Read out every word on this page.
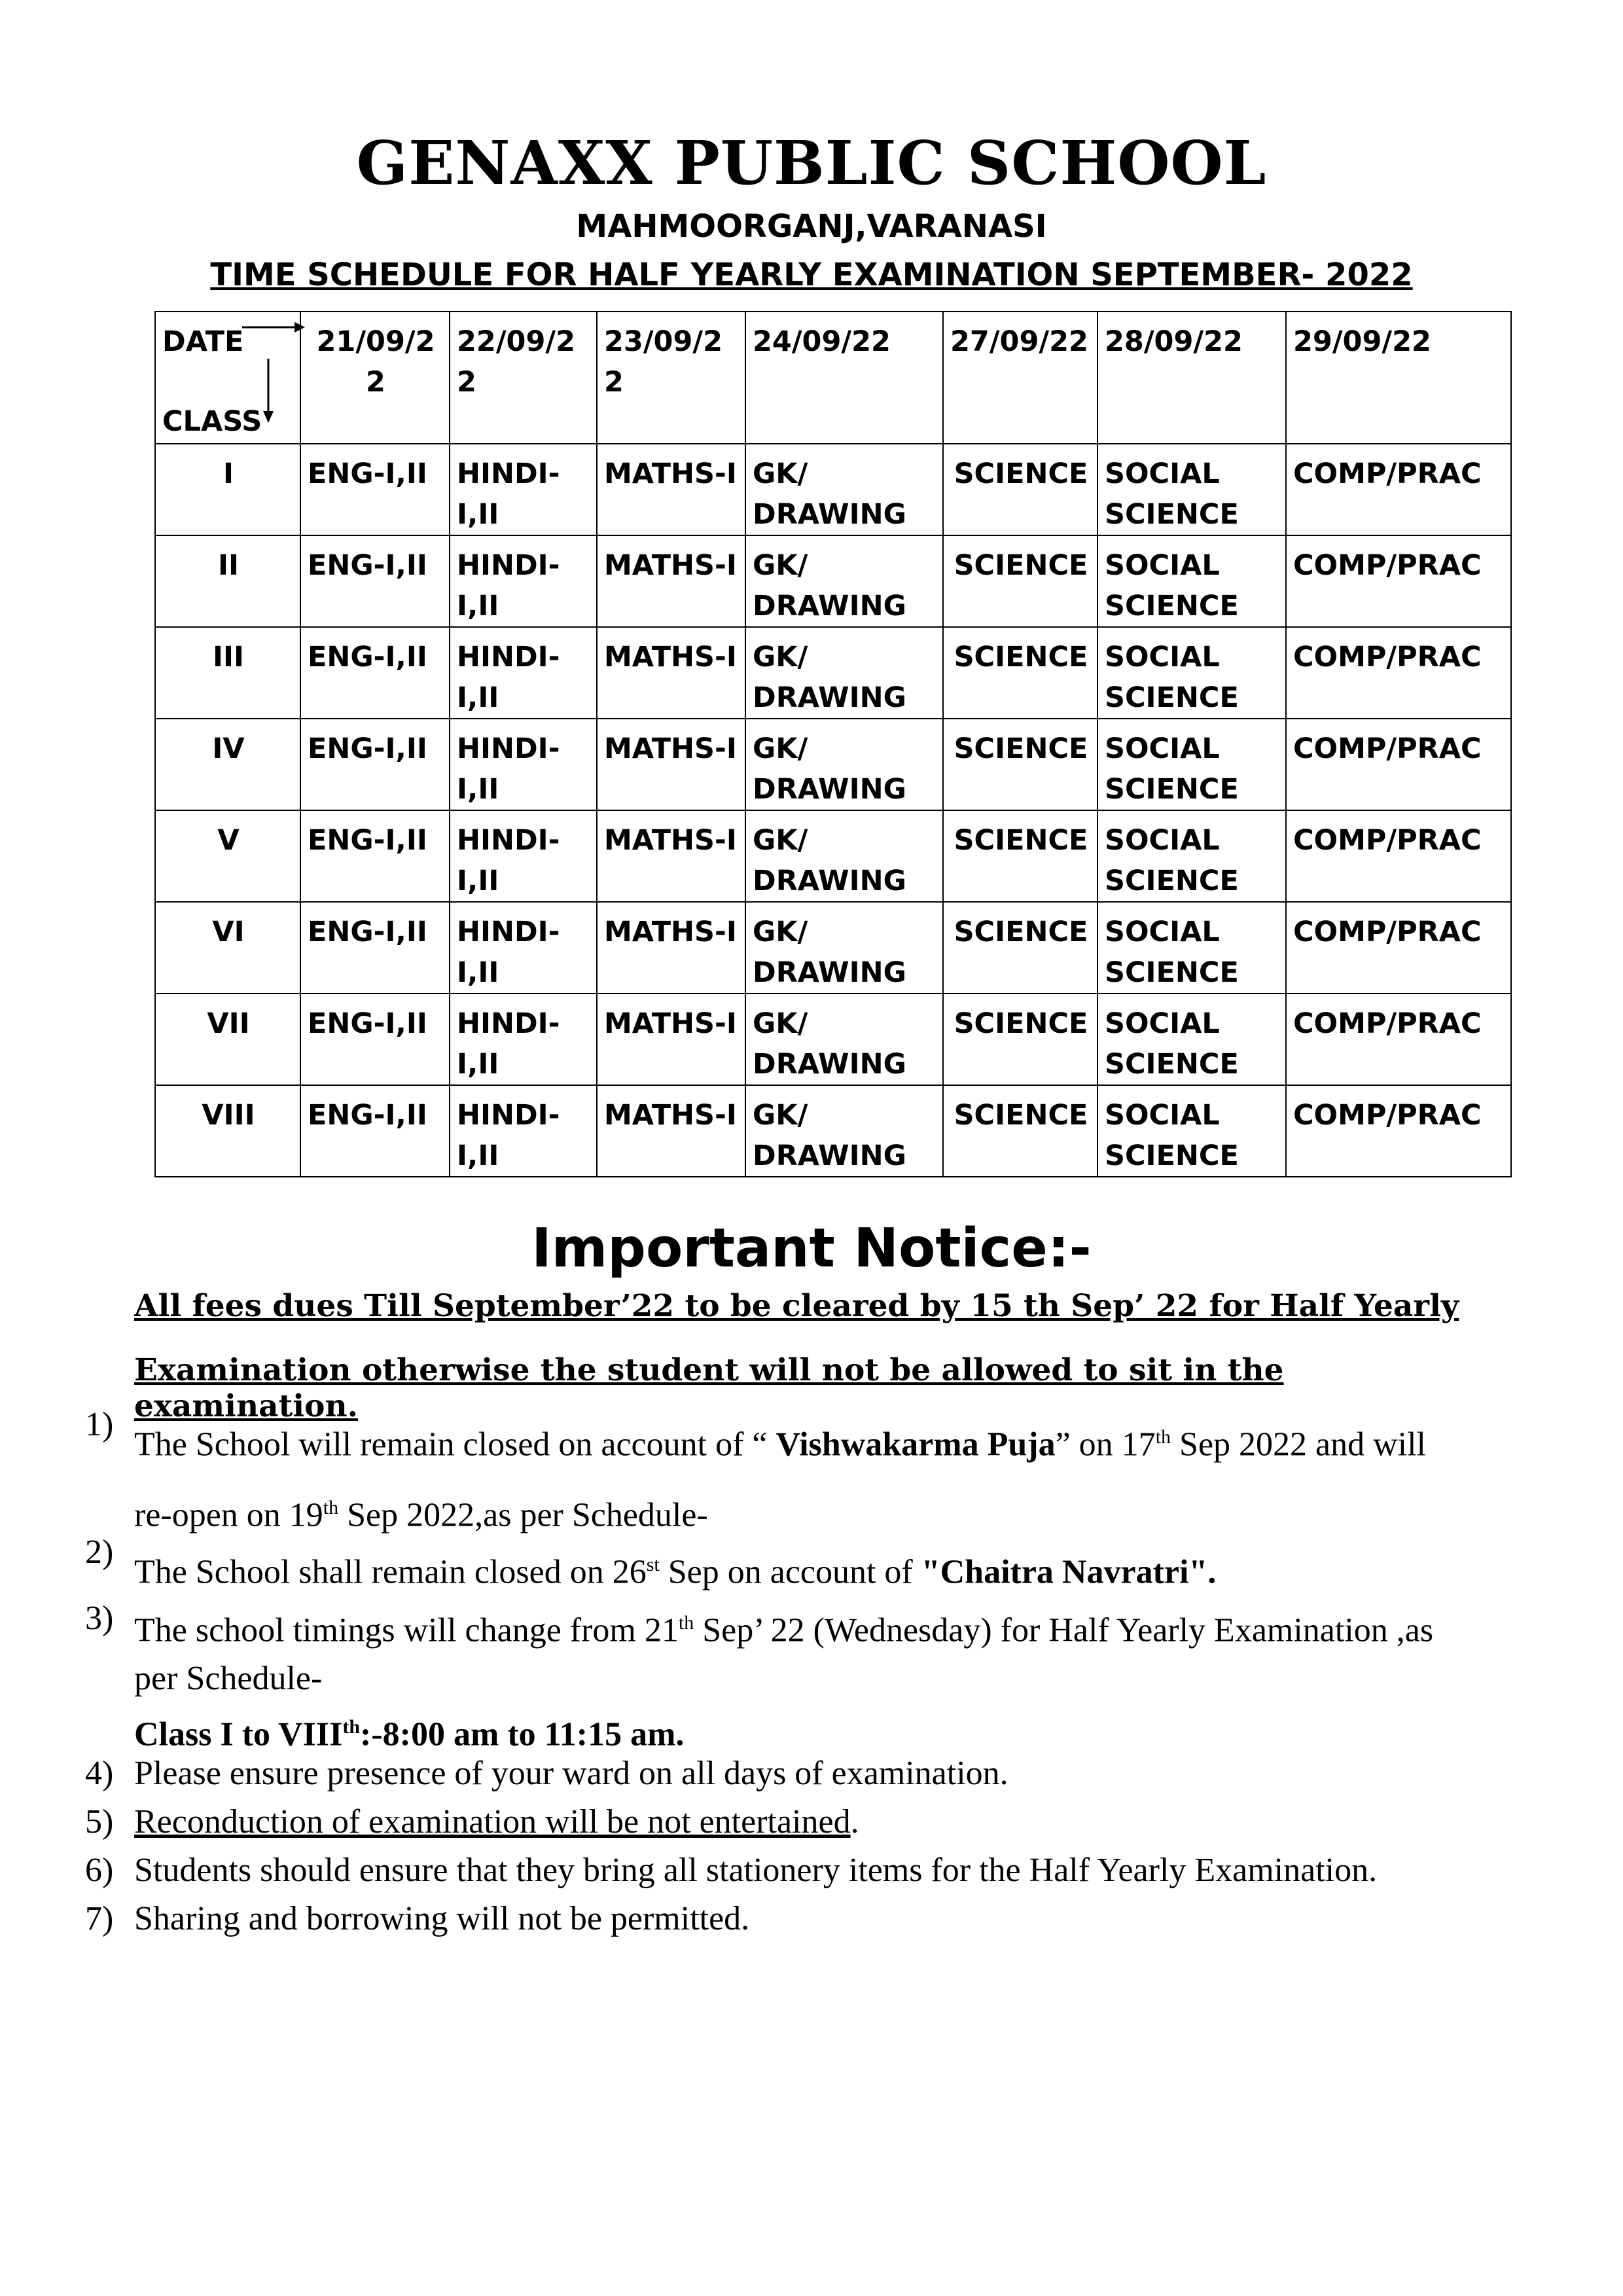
GENAXX PUBLIC SCHOOL
MAHMOORGANJ,VARANASI
TIME SCHEDULE FOR HALF YEARLY EXAMINATION SEPTEMBER- 2022
DATE
CLASS	21/09/22	22/09/22	23/09/22	24/09/22	27/09/22	28/09/22	29/09/22
I	ENG-I,II	HINDI-I,II	MATHS-I	GK/ DRAWING	SCIENCE	SOCIAL SCIENCE	COMP/PRAC
II	ENG-I,II	HINDI-I,II	MATHS-I	GK/ DRAWING	SCIENCE	SOCIAL SCIENCE	COMP/PRAC
III	ENG-I,II	HINDI-I,II	MATHS-I	GK/ DRAWING	SCIENCE	SOCIAL SCIENCE	COMP/PRAC
IV	ENG-I,II	HINDI-I,II	MATHS-I	GK/ DRAWING	SCIENCE	SOCIAL SCIENCE	COMP/PRAC
V	ENG-I,II	HINDI-I,II	MATHS-I	GK/ DRAWING	SCIENCE	SOCIAL SCIENCE	COMP/PRAC
VI	ENG-I,II	HINDI-I,II	MATHS-I	GK/ DRAWING	SCIENCE	SOCIAL SCIENCE	COMP/PRAC
VII	ENG-I,II	HINDI-I,II	MATHS-I	GK/ DRAWING	SCIENCE	SOCIAL SCIENCE	COMP/PRAC
VIII	ENG-I,II	HINDI-I,II	MATHS-I	GK/ DRAWING	SCIENCE	SOCIAL SCIENCE	COMP/PRAC
Important Notice:-
All fees dues Till September’22 to be cleared by 15 th Sep’ 22 for Half Yearly
Examination otherwise the student will not be allowed to sit in the examination.
1)
The School will remain closed on account of “ Vishwakarma Puja” on 17th Sep 2022 and will
re-open on 19th Sep 2022,as per Schedule-
2)
The School shall remain closed on 26st Sep on account of "Chaitra Navratri".
3) The school timings will change from 21th Sep’ 22 (Wednesday) for Half Yearly Examination ,as
per Schedule-
Class I to VIIIth:-8:00 am to 11:15 am.
4) Please ensure presence of your ward on all days of examination.
5) Reconduction of examination will be not entertained.
6) Students should ensure that they bring all stationery items for the Half Yearly Examination.
7) Sharing and borrowing will not be permitted.
